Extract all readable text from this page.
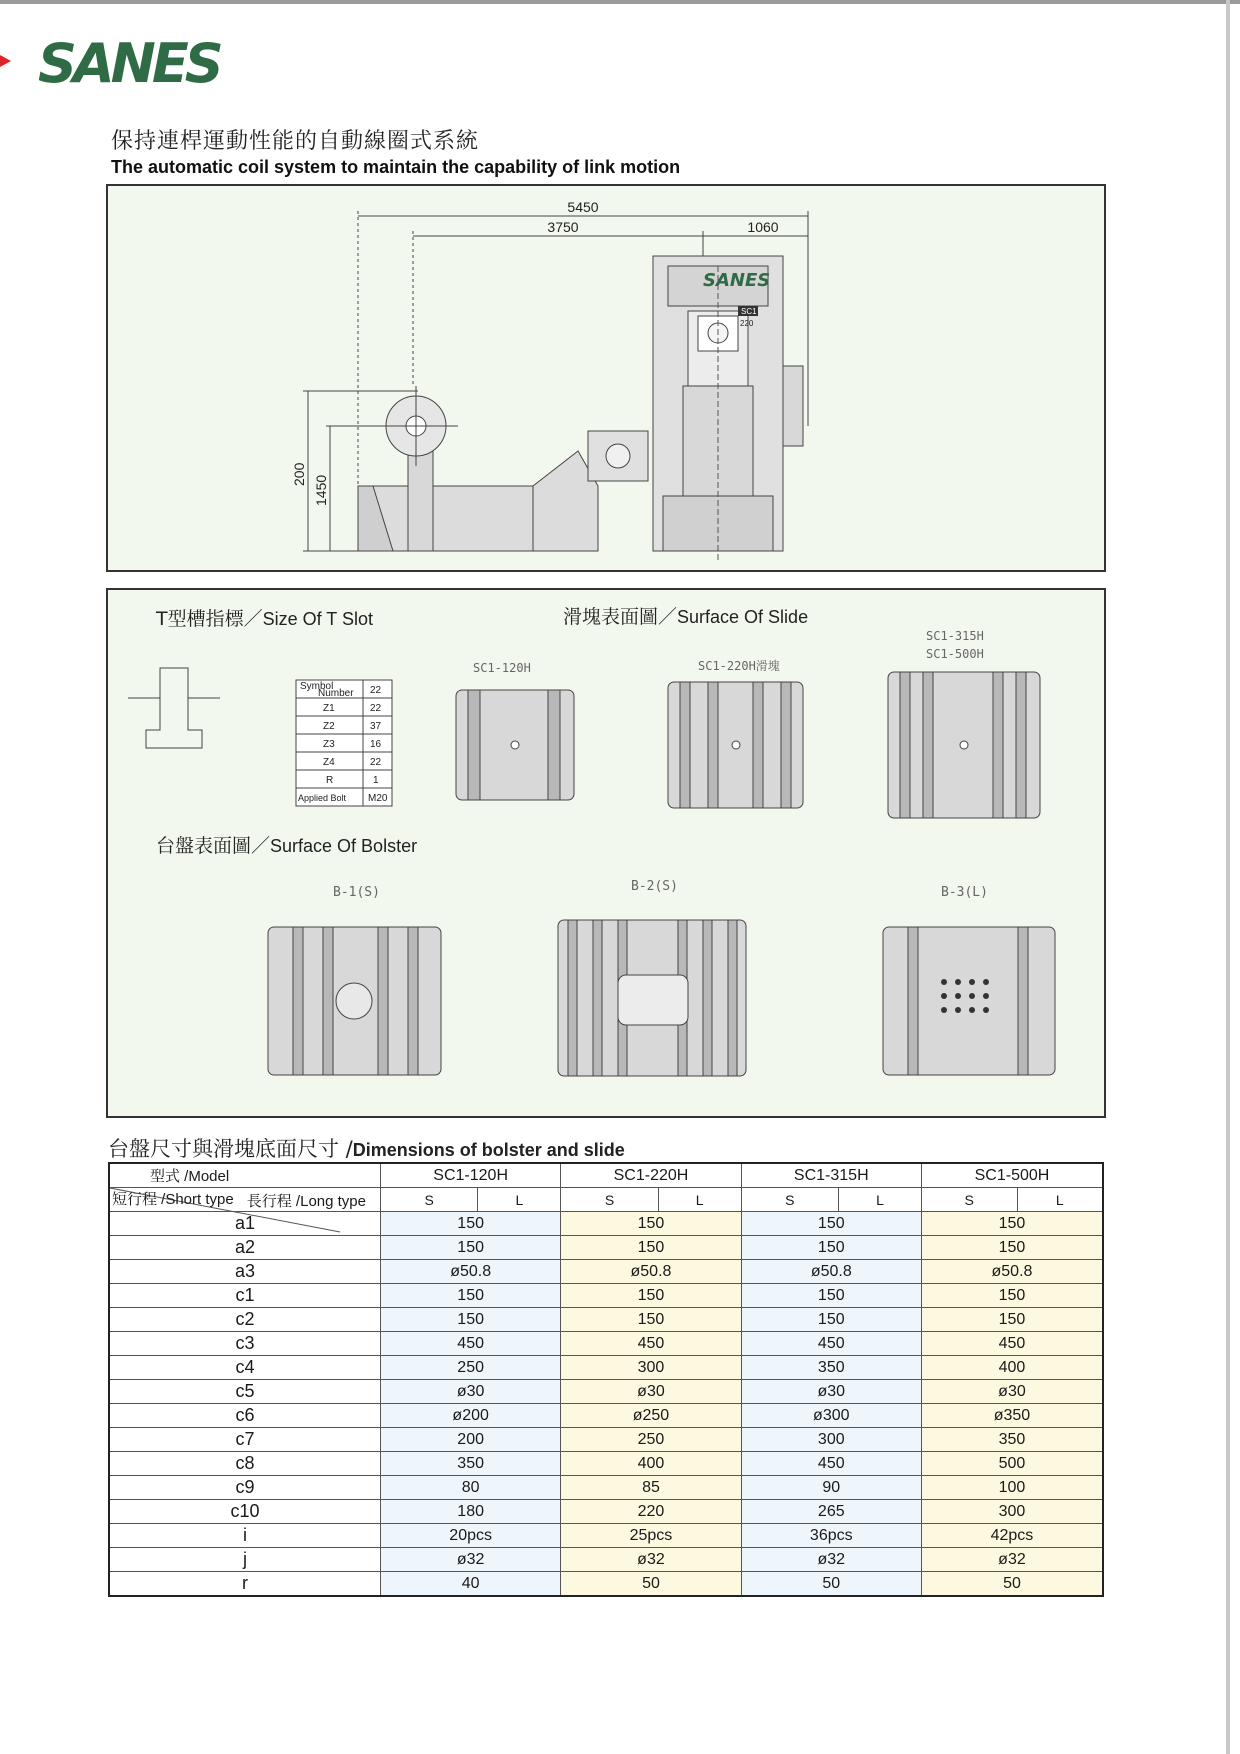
SANES
保持連桿運動性能的自動線圈式系統
The automatic coil system to maintain the capability of link motion
5450
3750	1060
200
1450
SANES
SC1
220
T型槽指標／Size Of T Slot	滑塊表面圖／Surface Of Slide
台盤表面圖／Surface Of Bolster
Symbol
Number 22
Z1	22
Z2	37
Z3	16
Z4	22
R	1
Applied Bolt M20
SC1-120H	SC1-220H滑塊
SC1-315H
SC1-500H
B-1(S)	B-2(S)	B-3(L)
台盤尺寸與滑塊底面尺寸 /Dimensions of bolster and slide
型式 /Model	SC1-120H		SC1-220H		SC1-315H		SC1-500H	

長行程 /Long type
短行程 /Short type	S	L	S	L	S	L	S	L
a1	150		150		150		150	
a2	150		150		150		150	
a3	ø50.8		ø50.8		ø50.8		ø50.8	
c1	150		150		150		150	
c2	150		150		150		150	
c3	450		450		450		450	
c4	250		300		350		400	
c5	ø30		ø30		ø30		ø30	
c6	ø200		ø250		ø300		ø350	
c7	200		250		300		350	
c8	350		400		450		500	
c9	80		85		90		100	
c10	180		220		265		300	
i	20pcs		25pcs		36pcs		42pcs	
j	ø32		ø32		ø32		ø32	
r	40		50		50		50	
